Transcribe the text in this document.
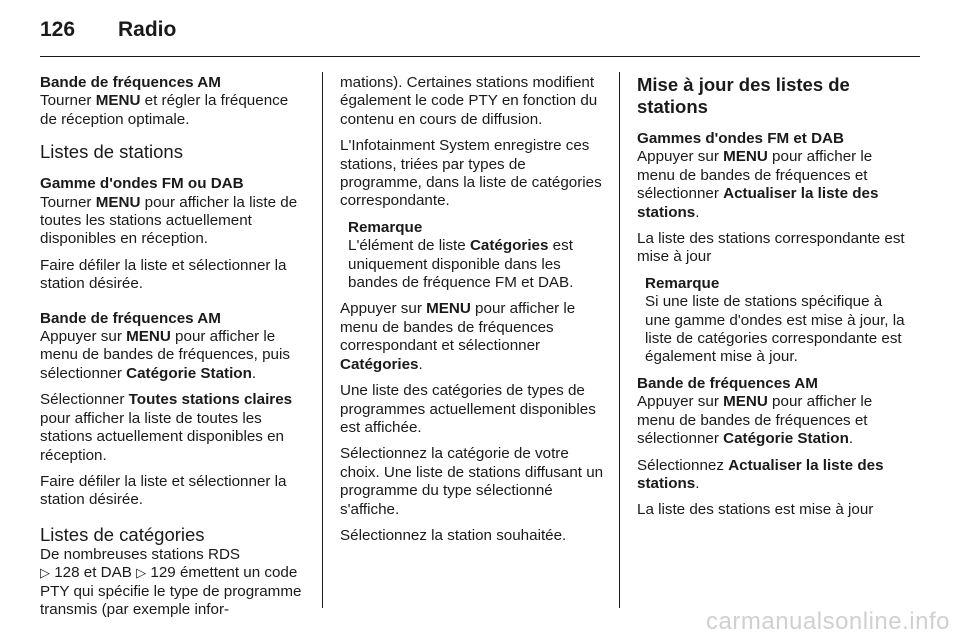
126	Radio

Bande de fréquences AM

Tourner MENU et régler la fréquence de réception optimale.

Listes de stations

Gamme d'ondes FM ou DAB

Tourner MENU pour afficher la liste de toutes les stations actuellement disponibles en réception.

Faire défiler la liste et sélectionner la station désirée.

Bande de fréquences AM

Appuyer sur MENU pour afficher le menu de bandes de fréquences, puis sélectionner Catégorie Station.

Sélectionner Toutes stations claires pour afficher la liste de toutes les stations actuellement disponibles en réception.

Faire défiler la liste et sélectionner la station désirée.

Listes de catégories

De nombreuses stations RDS
▷ 128 et DAB ▷ 129 émettent un code PTY qui spécifie le type de programme transmis (par exemple infor-

mations). Certaines stations modifient également le code PTY en fonction du contenu en cours de diffusion.

L'Infotainment System enregistre ces stations, triées par types de programme, dans la liste de catégories correspondante.

Remarque
L'élément de liste Catégories est uniquement disponible dans les bandes de fréquence FM et DAB.

Appuyer sur MENU pour afficher le menu de bandes de fréquences correspondant et sélectionner Catégories.

Une liste des catégories de types de programmes actuellement disponibles est affichée.

Sélectionnez la catégorie de votre choix. Une liste de stations diffusant un programme du type sélectionné s'affiche.

Sélectionnez la station souhaitée.

Mise à jour des listes de stations

Gammes d'ondes FM et DAB

Appuyer sur MENU pour afficher le menu de bandes de fréquences et sélectionner Actualiser la liste des stations.

La liste des stations correspondante est mise à jour

Remarque
Si une liste de stations spécifique à une gamme d'ondes est mise à jour, la liste de catégories correspondante est également mise à jour.

Bande de fréquences AM

Appuyer sur MENU pour afficher le menu de bandes de fréquences et sélectionner Catégorie Station.

Sélectionnez Actualiser la liste des stations.

La liste des stations est mise à jour

carmanualsonline.info
